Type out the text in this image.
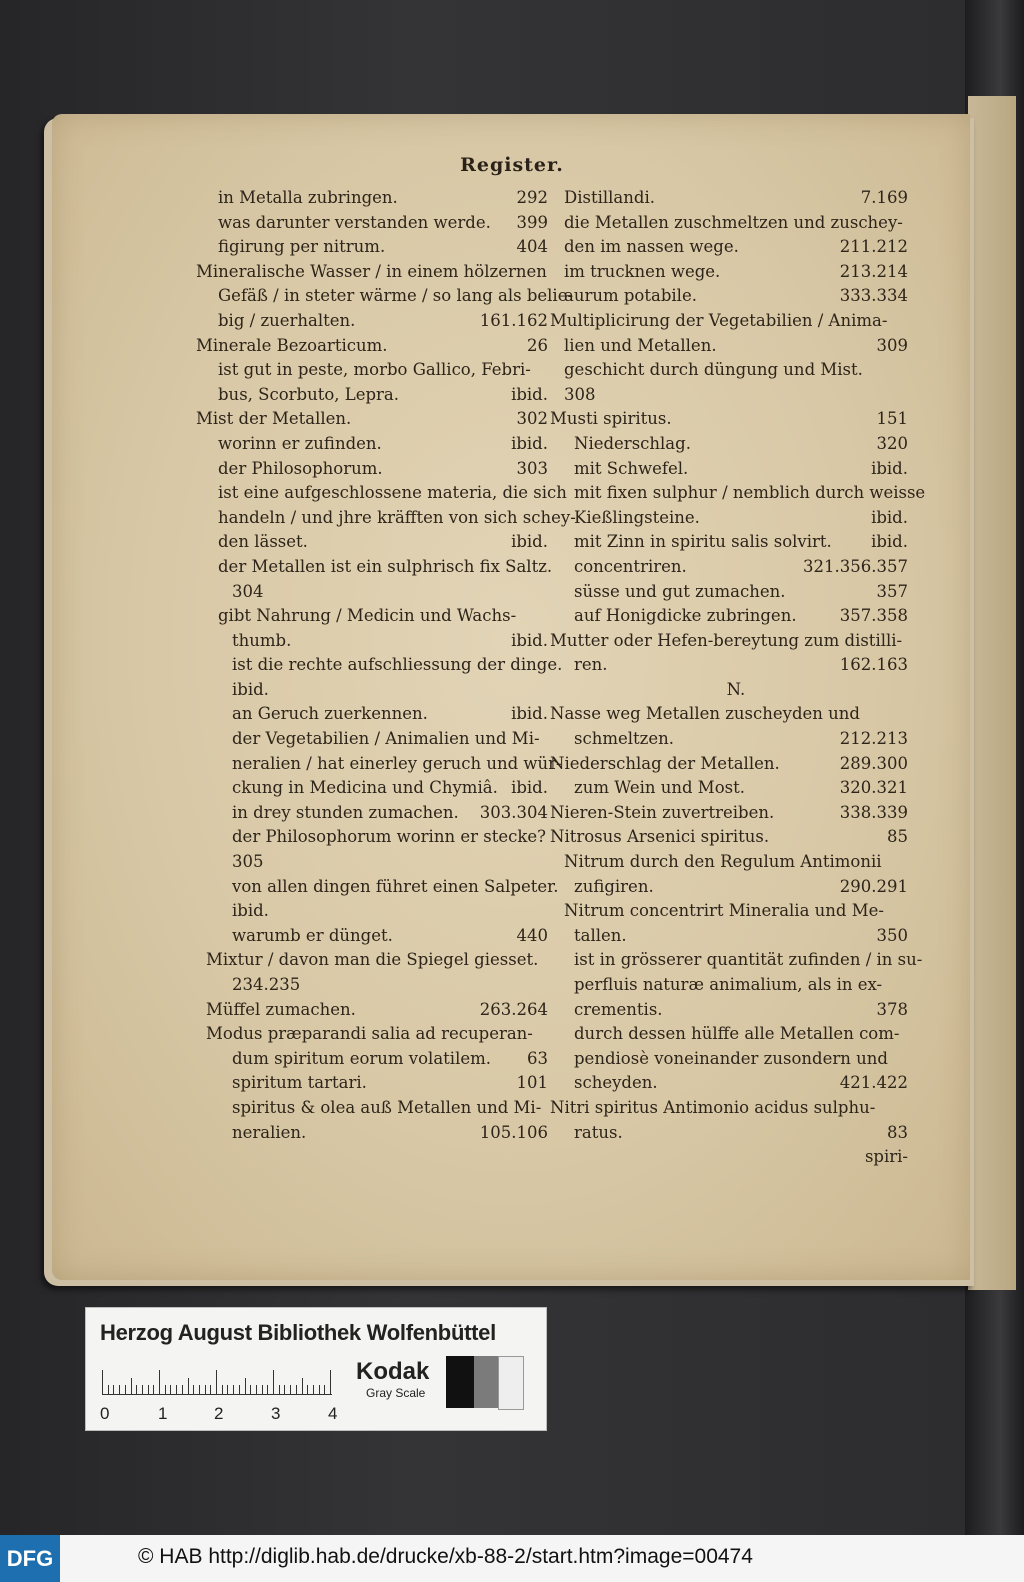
Register.
in Metalla zubringen.	292
was darunter verstanden werde. 399
figirung per nitrum.	404
Mineralische Wasser / in einem hölzernen
Gefäß / in steter wärme / so lang als belie-
big / zuerhalten.	161.162
Minerale Bezoarticum.	26
ist gut in peste, morbo Gallico, Febri-
bus, Scorbuto, Lepra.	ibid.
Mist der Metallen.	302
worinn er zufinden.	ibid.
der Philosophorum.	303
ist eine aufgeschlossene materia, die sich
handeln / und jhre kräfften von sich schey-
den lässet.	ibid.
der Metallen ist ein sulphrisch fix Saltz.
304
gibt Nahrung / Medicin und Wachs-
thumb.	ibid.
ist die rechte aufschliessung der dinge.
ibid.
an Geruch zuerkennen.	ibid.
der Vegetabilien / Animalien und Mi-
neralien / hat einerley geruch und wür-
ckung in Medicina und Chymiâ. ibid.
in drey stunden zumachen. 303.304
der Philosophorum worinn er stecke?
305
von allen dingen führet einen Salpeter.
ibid.
warumb er dünget.	440
Mixtur / davon man die Spiegel giesset.
234.235
Müffel zumachen.	263.264
Modus præparandi salia ad recuperan-
dum spiritum eorum volatilem. 63
spiritum tartari.	101
spiritus & olea auß Metallen und Mi-
neralien.	105.106
Distillandi.	7.169
die Metallen zuschmeltzen und zuschey-
den im nassen wege.	211.212
im trucknen wege.	213.214
aurum potabile.	333.334
Multiplicirung der Vegetabilien / Anima-
lien und Metallen.	309
geschicht durch düngung und Mist.
308
Musti spiritus.	151
Niederschlag.	320
mit Schwefel.	ibid.
mit fixen sulphur / nemblich durch weisse
Kießlingsteine.	ibid.
mit Zinn in spiritu salis solvirt. ibid.
concentriren.	321.356.357
süsse und gut zumachen.	357
auf Honigdicke zubringen.	357.358
Mutter oder Hefen-bereytung zum distilli-
ren.	162.163
N.
Nasse weg Metallen zuscheyden und
schmeltzen.	212.213
Niederschlag der Metallen.	289.300
zum Wein und Most.	320.321
Nieren-Stein zuvertreiben.	338.339
Nitrosus Arsenici spiritus.	85
Nitrum durch den Regulum Antimonii
zufigiren.	290.291
Nitrum concentrirt Mineralia und Me-
tallen.	350
ist in grösserer quantität zufinden / in su-
perfluis naturæ animalium, als in ex-
crementis.	378
durch dessen hülffe alle Metallen com-
pendiosè voneinander zusondern und
scheyden.	421.422
Nitri spiritus Antimonio acidus sulphu-
ratus.	83
spiri-
Herzog August Bibliothek Wolfenbüttel
0	1	2	3	4
Kodak
Gray Scale
DFG	© HAB http://diglib.hab.de/drucke/xb-88-2/start.htm?image=00474
